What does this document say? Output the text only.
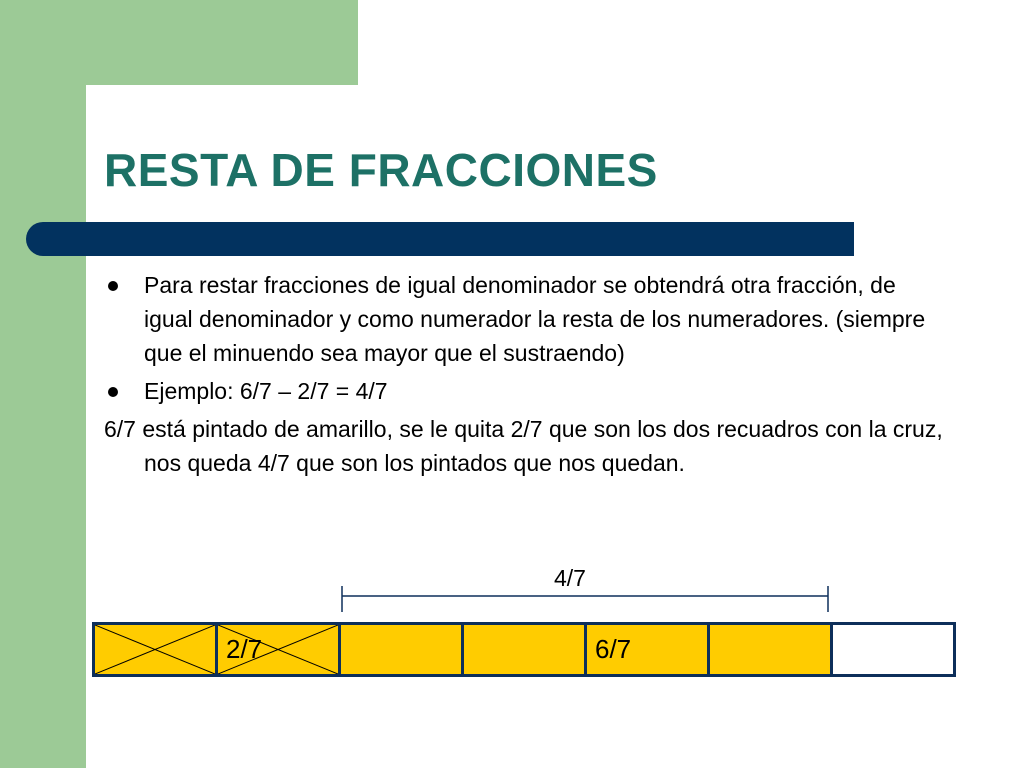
RESTA DE FRACCIONES
Para restar fracciones de igual denominador se obtendrá otra fracción, de igual denominador y como numerador la resta de los numeradores. (siempre que el minuendo sea mayor que el sustraendo)
Ejemplo: 6/7 – 2/7 = 4/7
6/7 está pintado de amarillo, se le quita 2/7 que son los dos recuadros con la cruz, nos queda 4/7 que son los pintados que nos quedan.
4/7

2/7			6/7		
